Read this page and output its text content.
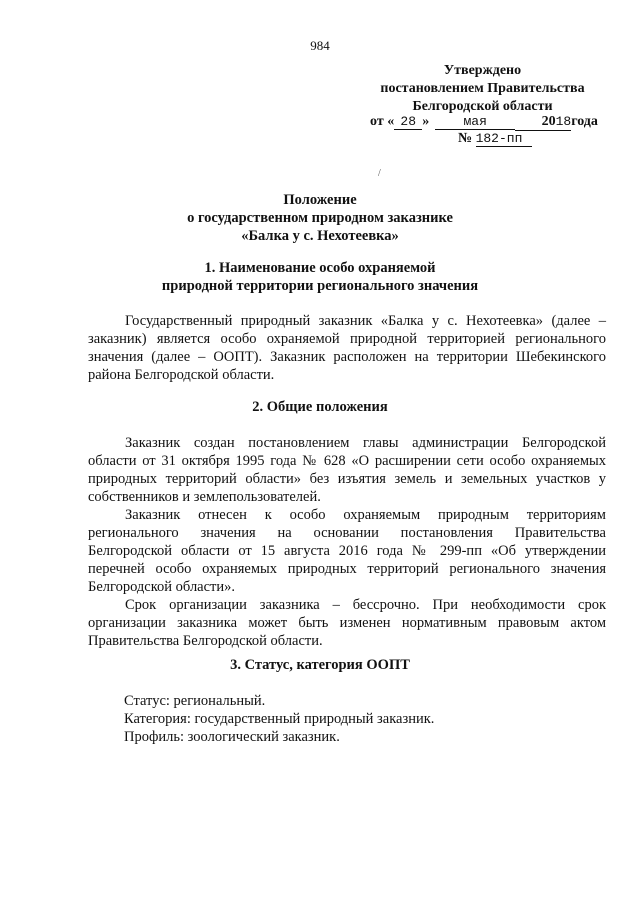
984
Утверждено
постановлением Правительства
Белгородской области
от « 28 »	мая	2018года
№ 182-пп
/
Положение
о государственном природном заказнике
«Балка у с. Нехотеевка»
1. Наименование особо охраняемой
природной территории регионального значения
Государственный природный заказник «Балка у с. Нехотеевка» (далее –
заказник) является особо охраняемой природной территорией регионального
значения (далее – ООПТ). Заказник расположен на территории Шебекинского
района Белгородской области.
2. Общие положения
Заказник создан постановлением главы администрации Белгородской
области от 31 октября 1995 года № 628 «О расширении сети особо охраняемых
природных территорий области» без изъятия земель и земельных участков у
собственников и землепользователей.
Заказник отнесен к особо охраняемым природным территориям
регионального значения на основании постановления Правительства
Белгородской области от 15 августа 2016 года № 299-пп «Об утверждении
перечней особо охраняемых природных территорий регионального значения
Белгородской области».
Срок организации заказника – бессрочно. При необходимости срок
организации заказника может быть изменен нормативным правовым актом
Правительства Белгородской области.
3. Статус, категория ООПТ
Статус: региональный.
Категория: государственный природный заказник.
Профиль: зоологический заказник.
